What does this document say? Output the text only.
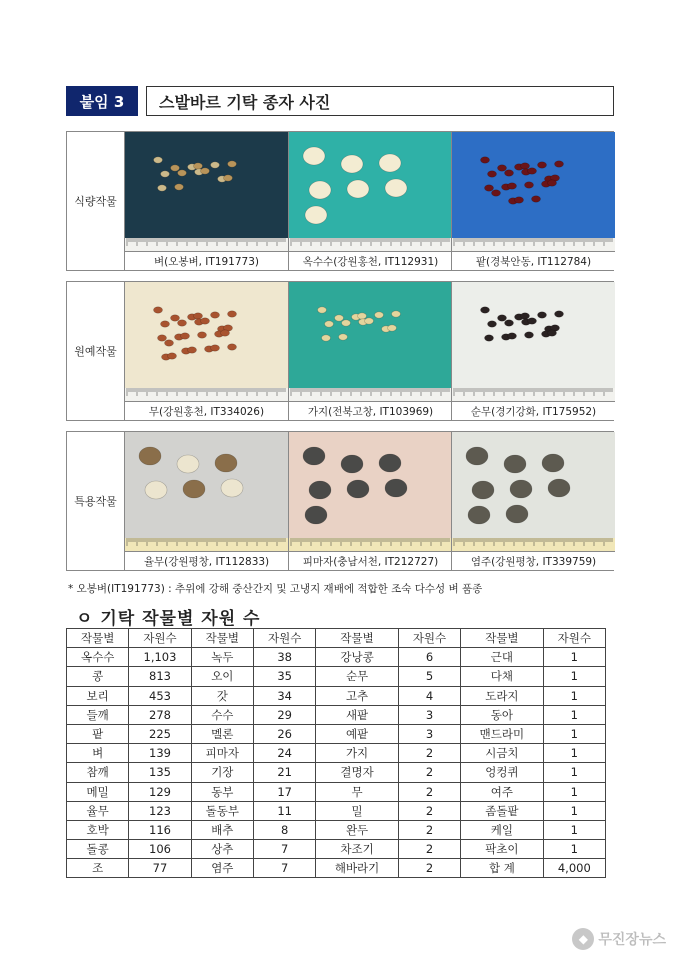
붙임 3	스발바르 기탁 종자 사진
식량작물
벼(오봉벼, IT191773)	옥수수(강원홍천, IT112931)	팥(경북안동, IT112784)
원예작물
무(강원홍천, IT334026)	가지(전북고창, IT103969)	순무(경기강화, IT175952)
특용작물
율무(강원평창, IT112833)	피마자(충남서천, IT212727)	염주(강원평창, IT339759)
* 오봉벼(IT191773) : 추위에 강해 중산간지 및 고냉지 재배에 적합한 조숙 다수성 벼 품종
ㅇ 기탁 작물별 자원 수
작물별	자원수	작물별	자원수	작물별	자원수	작물별	자원수
옥수수	1,103	녹두	38	강낭콩	6	근대	1
콩	813	오이	35	순무	5	다채	1
보리	453	갓	34	고추	4	도라지	1
들깨	278	수수	29	새팥	3	동아	1
팥	225	멜론	26	예팥	3	맨드라미	1
벼	139	피마자	24	가지	2	시금치	1
참깨	135	기장	21	결명자	2	엉컹퀴	1
메밀	129	동부	17	무	2	여주	1
율무	123	돌동부	11	밀	2	좀돌팥	1
호박	116	배추	8	완두	2	케일	1
돌콩	106	상추	7	차조기	2	팍초이	1
조	77	염주	7	해바라기	2	합 계	4,000
◆ 무진장뉴스
